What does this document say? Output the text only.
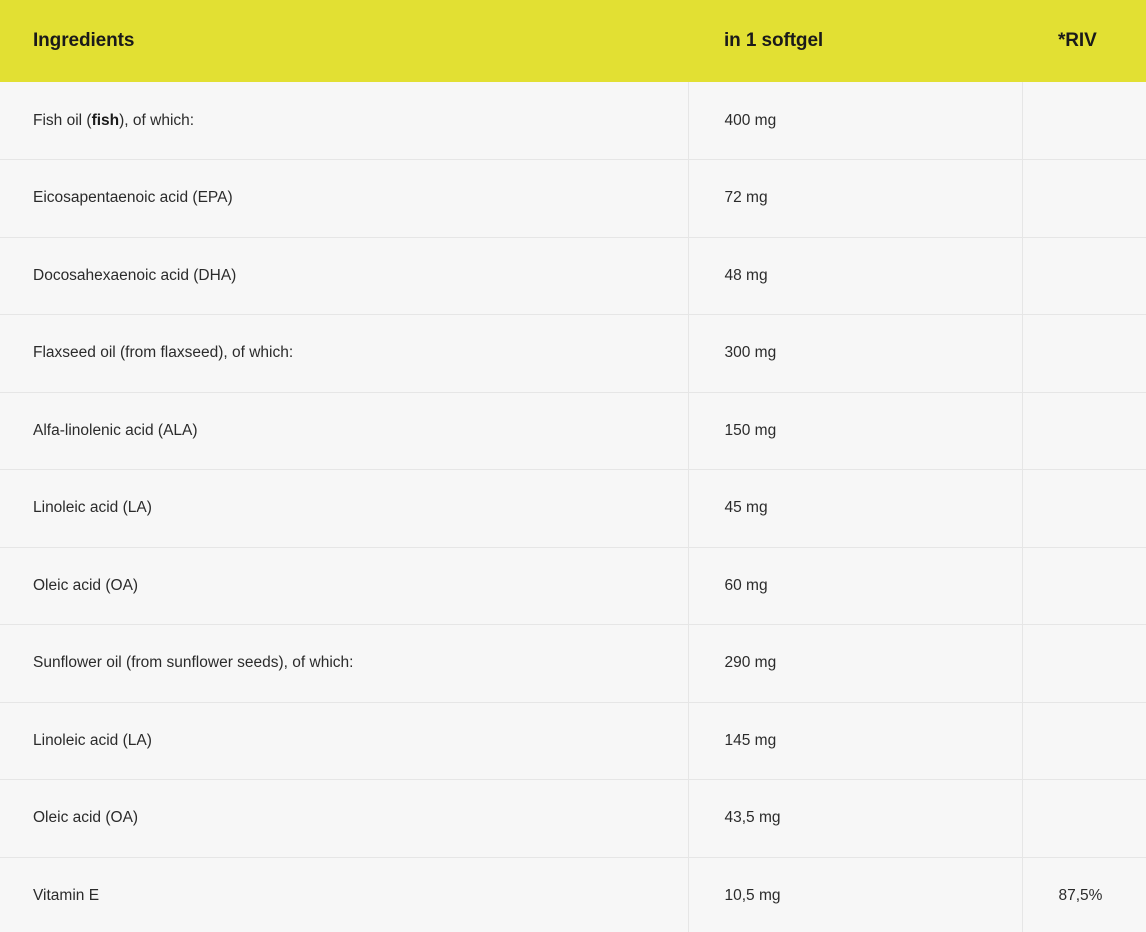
Ingredients	in 1 softgel	*RIV
Fish oil (fish), of which:	400 mg	
Eicosapentaenoic acid (EPA)	72 mg	
Docosahexaenoic acid (DHA)	48 mg	
Flaxseed oil (from flaxseed), of which:	300 mg	
Alfa-linolenic acid (ALA)	150 mg	
Linoleic acid (LA)	45 mg	
Oleic acid (OA)	60 mg	
Sunflower oil (from sunflower seeds), of which:	290 mg	
Linoleic acid (LA)	145 mg	
Oleic acid (OA)	43,5 mg	
Vitamin E	10,5 mg	87,5%
